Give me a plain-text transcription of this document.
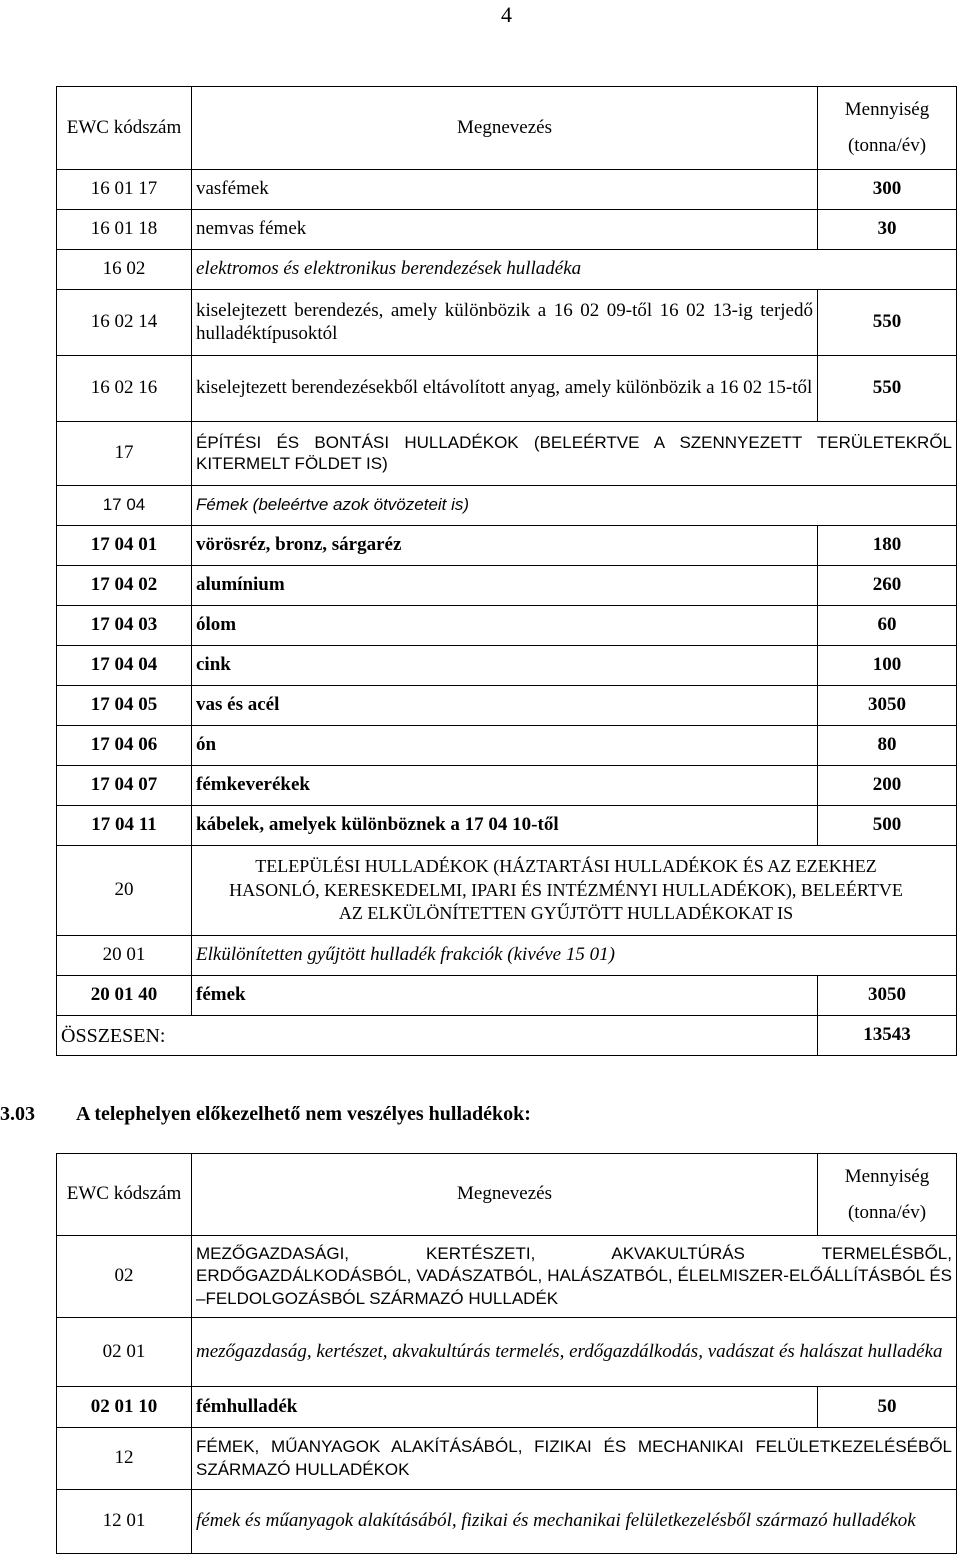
4
EWC kódszám	Megnevezés	Mennyiség
(tonna/év)

16 01 17	vasfémek	300
16 01 18	nemvas fémek	30
16 02	elektromos és elektronikus berendezések hulladéka	
16 02 14	kiselejtezett berendezés, amely különbözik a 16 02 09-től 16 02 13-ig terjedő hulladéktípusoktól	550
16 02 16	kiselejtezett berendezésekből eltávolított anyag, amely különbözik a 16 02 15-től	550
17	ÉPÍTÉSI ÉS BONTÁSI HULLADÉKOK (BELEÉRTVE A SZENNYEZETT TERÜLETEKRŐL KITERMELT FÖLDET IS)	
17 04	Fémek (beleértve azok ötvözeteit is)	
17 04 01	vörösréz, bronz, sárgaréz	180
17 04 02	alumínium	260
17 04 03	ólom	60
17 04 04	cink	100
17 04 05	vas és acél	3050
17 04 06	ón	80
17 04 07	fémkeverékek	200
17 04 11	kábelek, amelyek különböznek a 17 04 10-től	500
20	TELEPÜLÉSI HULLADÉKOK (HÁZTARTÁSI HULLADÉKOK ÉS AZ EZEKHEZ HASONLÓ, KERESKEDELMI, IPARI ÉS INTÉZMÉNYI HULLADÉKOK), BELEÉRTVE AZ ELKÜLÖNÍTETTEN GYŰJTÖTT HULLADÉKOKAT IS	
20 01	Elkülönítetten gyűjtött hulladék frakciók (kivéve 15 01)	
20 01 40	fémek	3050
ÖSSZESEN:		13543
3.03 A telephelyen előkezelhető nem veszélyes hulladékok:
EWC kódszám	Megnevezés	Mennyiség
(tonna/év)

02	MEZŐGAZDASÁGI, KERTÉSZETI, AKVAKULTÚRÁS TERMELÉSBŐL, ERDŐGAZDÁLKODÁSBÓL, VADÁSZATBÓL, HALÁSZATBÓL, ÉLELMISZER-ELŐÁLLÍTÁSBÓL ÉS –FELDOLGOZÁSBÓL SZÁRMAZÓ HULLADÉK	
02 01	mezőgazdaság, kertészet, akvakultúrás termelés, erdőgazdálkodás, vadászat és halászat hulladéka	
02 01 10	fémhulladék	50
12	FÉMEK, MŰANYAGOK ALAKÍTÁSÁBÓL, FIZIKAI ÉS MECHANIKAI FELÜLETKEZELÉSÉBŐL SZÁRMAZÓ HULLADÉKOK	
12 01	fémek és műanyagok alakításából, fizikai és mechanikai felületkezelésből származó hulladékok	
